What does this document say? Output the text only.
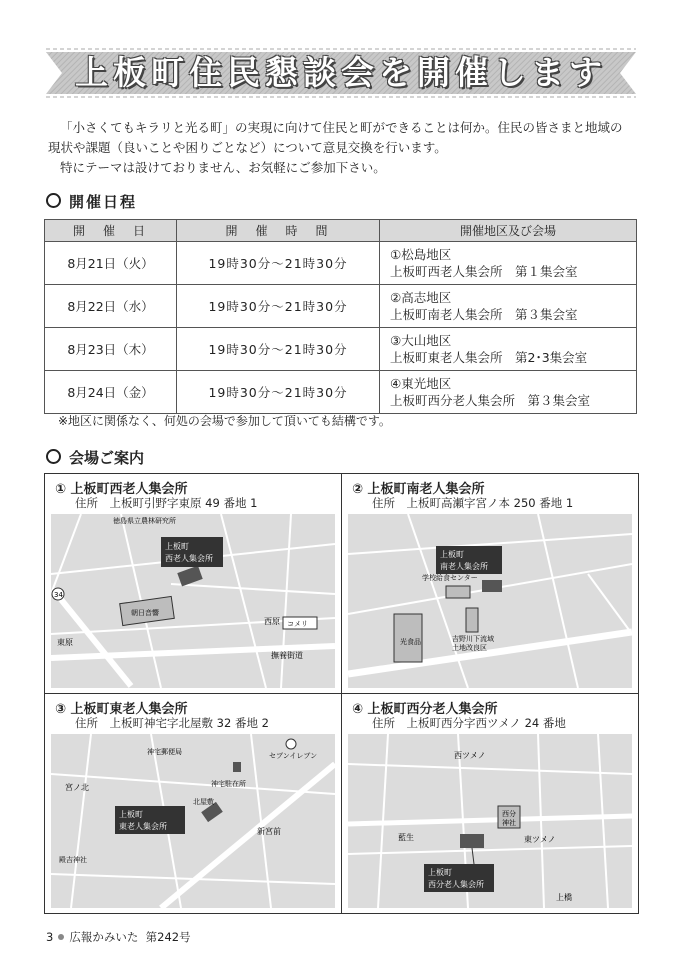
上板町住民懇談会を開催します

「小さくてもキラリと光る町」の実現に向けて住民と町ができることは何か。住民の皆さまと地域の

現状や課題（良いことや困りごとなど）について意見交換を行います。

特にテーマは設けておりません、お気軽にご参加下さい。

開催日程
開　催　日	開　催　時　間	開催地区及び会場
8月21日（火）	19時30分〜21時30分	①松島地区
上板町西老人集会所　第１集会室

8月22日（水）	19時30分〜21時30分	②高志地区
上板町南老人集会所　第３集会室

8月23日（木）	19時30分〜21時30分	③大山地区
上板町東老人集会所　第2･3集会室

8月24日（金）	19時30分〜21時30分	④東光地区
上板町西分老人集会所　第３集会室
※地区に関係なく、何処の会場で参加して頂いても結構です。
会場ご案内
① 上板町西老人集会所
住所　上板町引野字東原 49 番地 1
上板町
西老人集会所
徳島県立農林研究所
34
朝日音響
東原
西原 コメリ
撫養街道
② 上板町南老人集会所
住所　上板町高瀬字宮ノ本 250 番地 1
上板町
南老人集会所
学校給食センター
光食品	吉野川下流域
土地改良区
③ 上板町東老人集会所
住所　上板町神宅字北屋敷 32 番地 2
上板町
東老人集会所
神宅郵便局	セブンイレブン
宮ノ北	神宅駐在所
北屋敷
新宮前
殿吉神社
④ 上板町西分老人集会所
住所　上板町西分字西ツメノ 24 番地
上板町
西分老人集会所
西ツメノ
西分
神社
藍生	東ツメノ
上橋
3 広報かみいた 第242号
